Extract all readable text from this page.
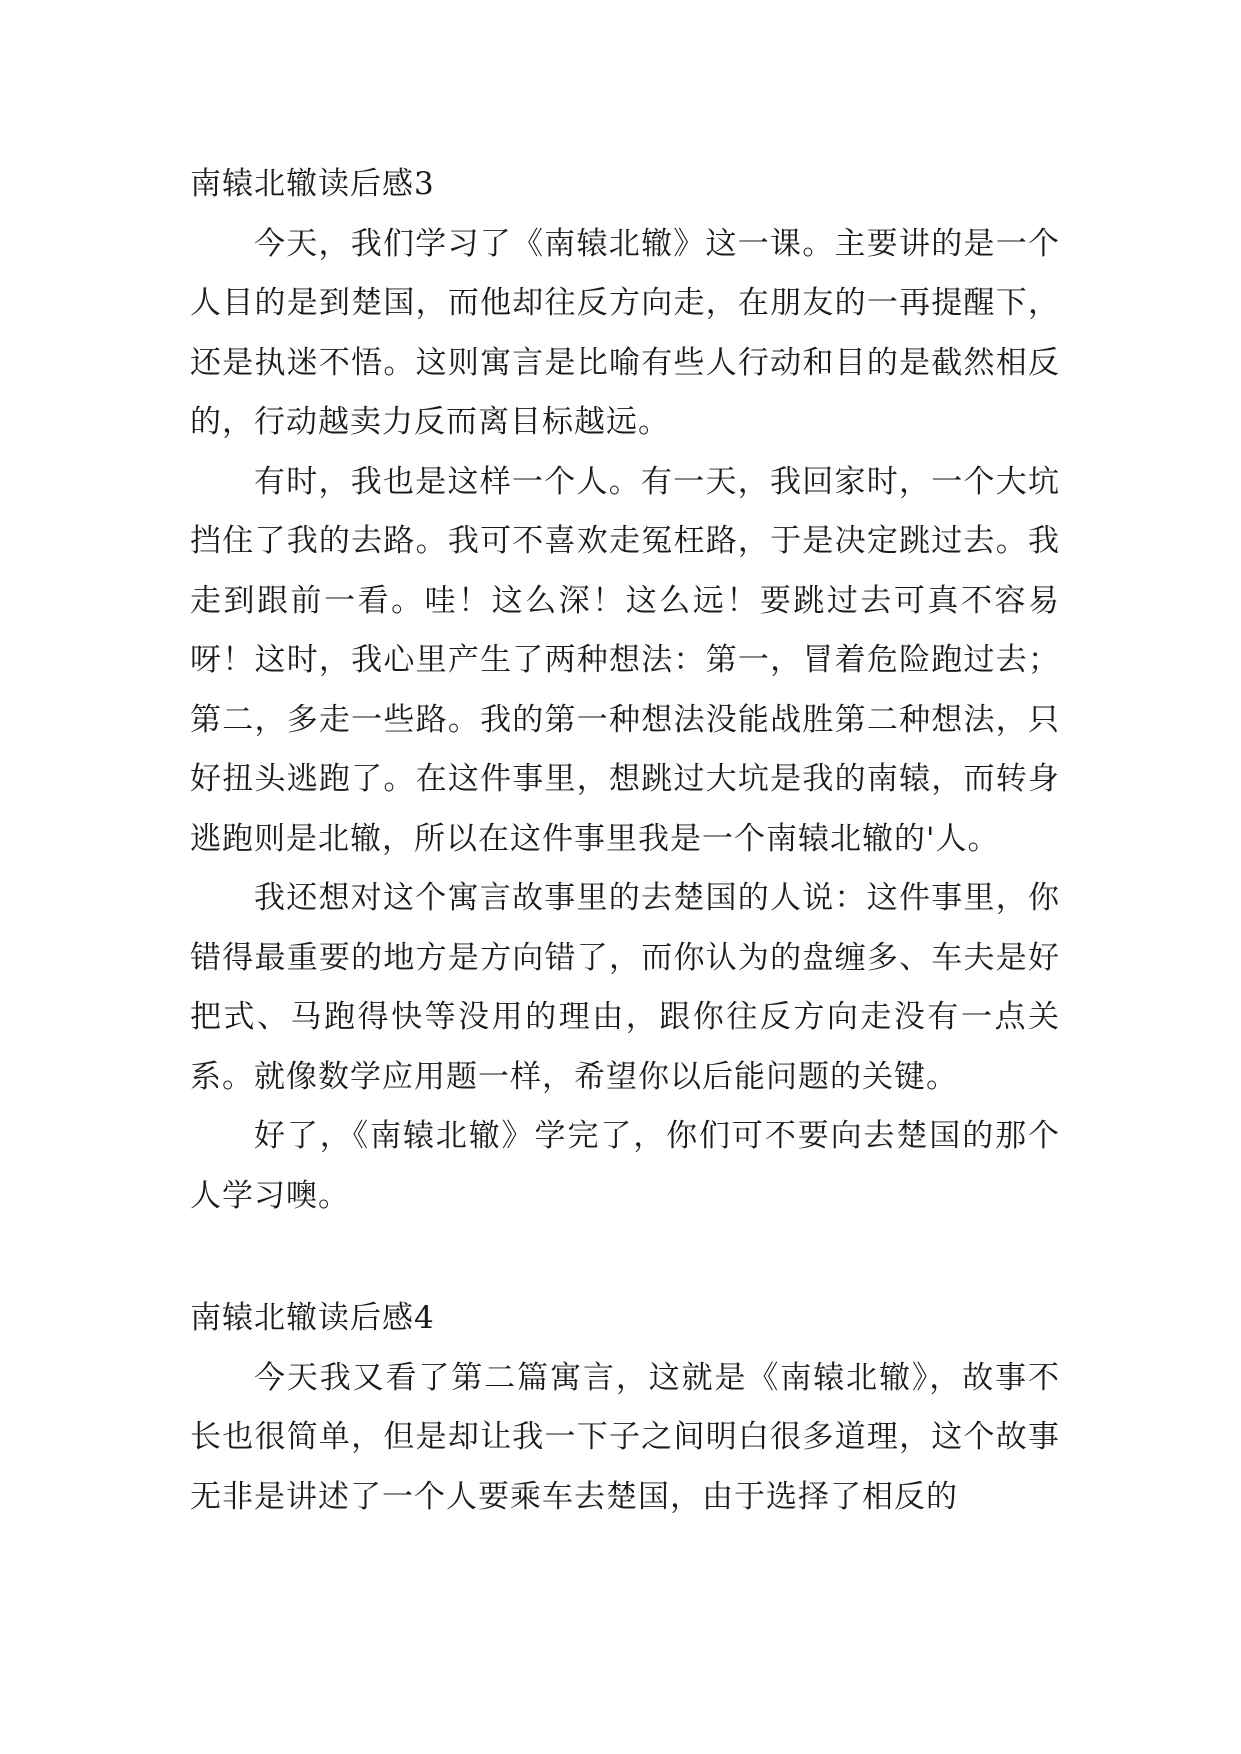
南辕北辙读后感3

今天，我们学习了《南辕北辙》这一课。主要讲的是一个人目的是到楚国，而他却往反方向走，在朋友的一再提醒下，还是执迷不悟。这则寓言是比喻有些人行动和目的是截然相反的，行动越卖力反而离目标越远。

有时，我也是这样一个人。有一天，我回家时，一个大坑挡住了我的去路。我可不喜欢走冤枉路，于是决定跳过去。我走到跟前一看。哇！这么深！这么远！要跳过去可真不容易呀！这时，我心里产生了两种想法：第一，冒着危险跑过去；第二，多走一些路。我的第一种想法没能战胜第二种想法，只好扭头逃跑了。在这件事里，想跳过大坑是我的南辕，而转身逃跑则是北辙，所以在这件事里我是一个南辕北辙的'人。

我还想对这个寓言故事里的去楚国的人说：这件事里，你错得最重要的地方是方向错了，而你认为的盘缠多、车夫是好把式、马跑得快等没用的理由，跟你往反方向走没有一点关系。就像数学应用题一样，希望你以后能问题的关键。

好了，《南辕北辙》学完了，你们可不要向去楚国的那个人学习噢。

南辕北辙读后感4

今天我又看了第二篇寓言，这就是《南辕北辙》，故事不长也很简单，但是却让我一下子之间明白很多道理，这个故事无非是讲述了一个人要乘车去楚国，由于选择了相反的
